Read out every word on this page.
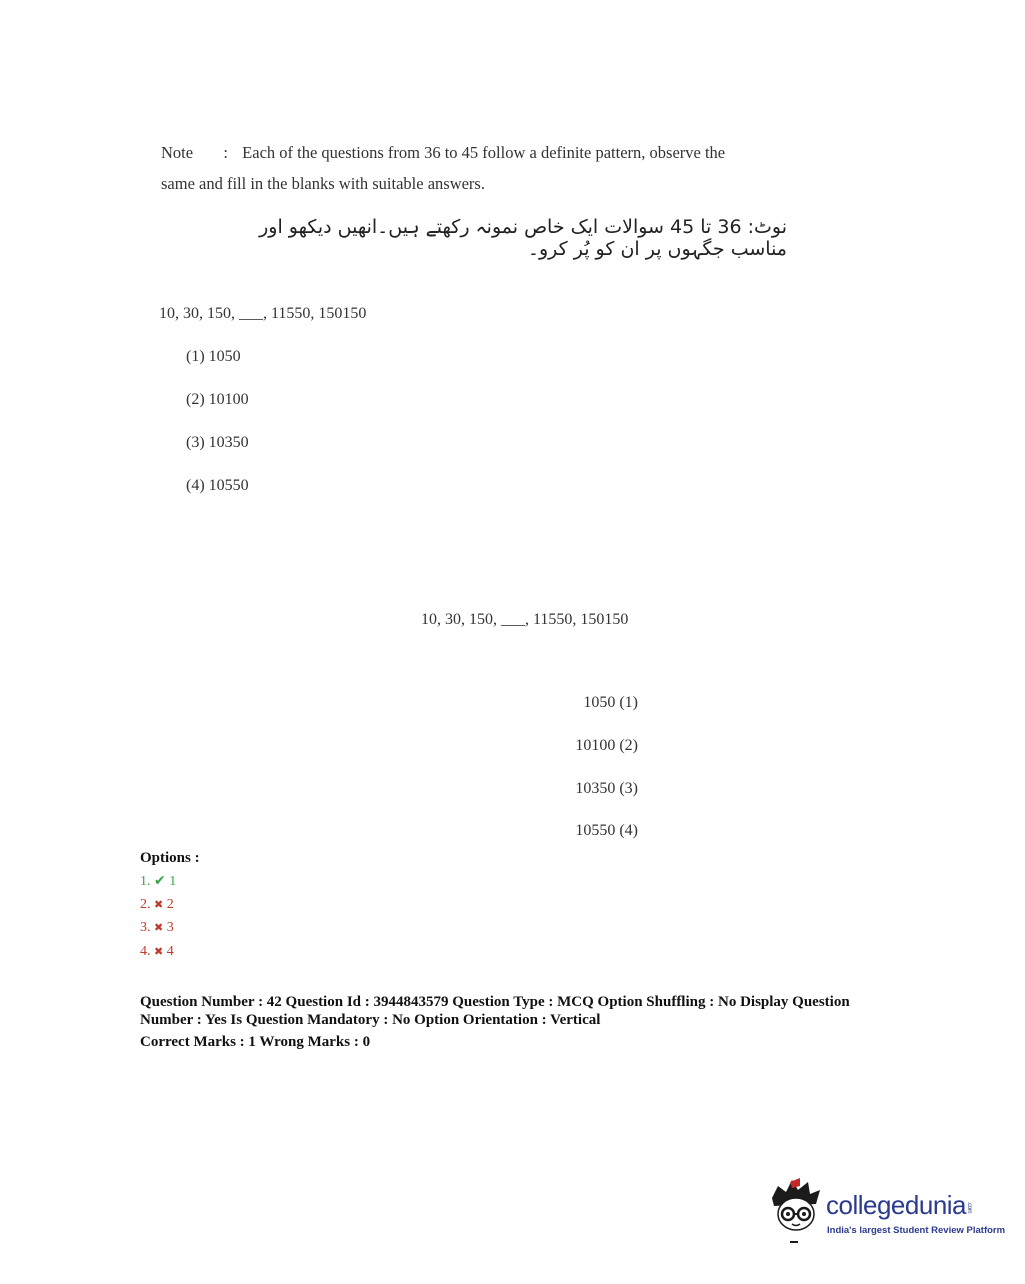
Note : Each of the questions from 36 to 45 follow a definite pattern, observe the
same and fill in the blanks with suitable answers.
نوٹ: 36 تا 45 سوالات ایک خاص نمونہ رکھتے ہیں۔انھیں دیکھو اور مناسب جگہوں پر ان کو پُر کرو۔
10, 30, 150, ___, 11550, 150150
(1) 1050
(2) 10100
(3) 10350
(4) 10550
10, 30, 150, ___, 11550, 150150
1050 (1)
10100 (2)
10350 (3)
10550 (4)
Options :
1. ✔ 1
2. ✖ 2
3. ✖ 3
4. ✖ 4
Question Number : 42 Question Id : 3944843579 Question Type : MCQ Option Shuffling : No Display Question
Number : Yes Is Question Mandatory : No Option Orientation : Vertical
Correct Marks : 1 Wrong Marks : 0
collegedunia.com
India's largest Student Review Platform
